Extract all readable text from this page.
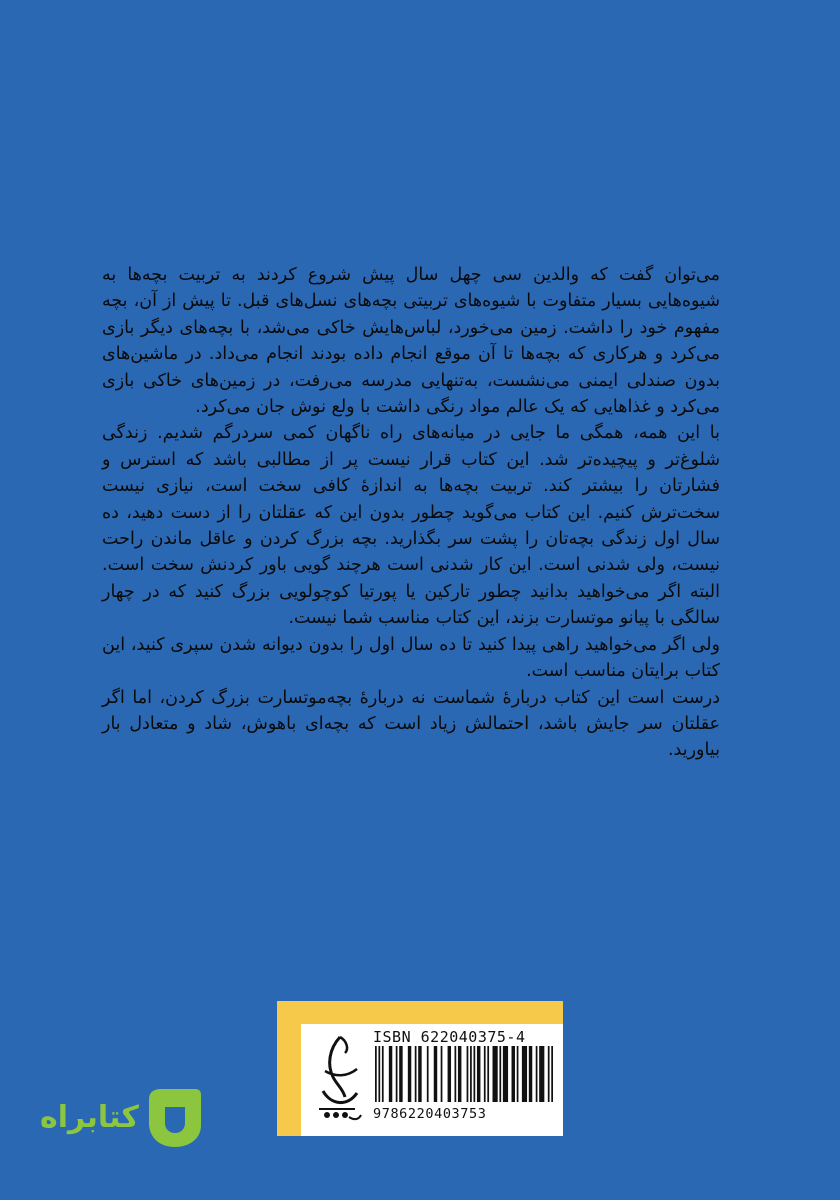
می‌توان گفت که والدین سی چهل سال پیش شروع کردند به تربیت بچه‌ها به شیوه‌هایی بسیار متفاوت با شیوه‌های تربیتی بچه‌های نسل‌های قبل. تا پیش از آن، بچه مفهوم خود را داشت. زمین می‌خورد، لباس‌هایش خاکی می‌شد، با بچه‌های دیگر بازی می‌کرد و هرکاری که بچه‌ها تا آن موقع انجام داده بودند انجام می‌داد. در ماشین‌های بدون صندلی ایمنی می‌نشست، به‌تنهایی مدرسه می‌رفت، در زمین‌های خاکی بازی می‌کرد و غذاهایی که یک عالم مواد رنگی داشت با ولع نوش جان می‌کرد.

با این همه، همگی ما جایی در میانه‌های راه ناگهان کمی سردرگم شدیم. زندگی شلوغ‌تر و پیچیده‌تر شد. این کتاب قرار نیست پر از مطالبی باشد که استرس و فشارتان را بیشتر کند. تربیت بچه‌ها به اندازهٔ کافی سخت است، نیازی نیست سخت‌ترش کنیم. این کتاب می‌گوید چطور بدون این که عقلتان را از دست دهید، ده سال اول زندگی بچه‌تان را پشت سر بگذارید. بچه بزرگ کردن و عاقل ماندن راحت نیست، ولی شدنی است. این کار شدنی است هرچند گویی باور کردنش سخت است. البته اگر می‌خواهید بدانید چطور تارکین یا پورتیا کوچولویی بزرگ کنید که در چهار سالگی با پیانو موتسارت بزند، این کتاب مناسب شما نیست.

ولی اگر می‌خواهید راهی پیدا کنید تا ده سال اول را بدون دیوانه شدن سپری کنید، این کتاب برایتان مناسب است.

درست است این کتاب دربارهٔ شماست نه دربارهٔ بچه‌موتسارت بزرگ کردن، اما اگر عقلتان سر جایش باشد، احتمالش زیاد است که بچه‌ای باهوش، شاد و متعادل بار بیاورید.

ISBN 622040375-4
9786220403753
کتابراه
